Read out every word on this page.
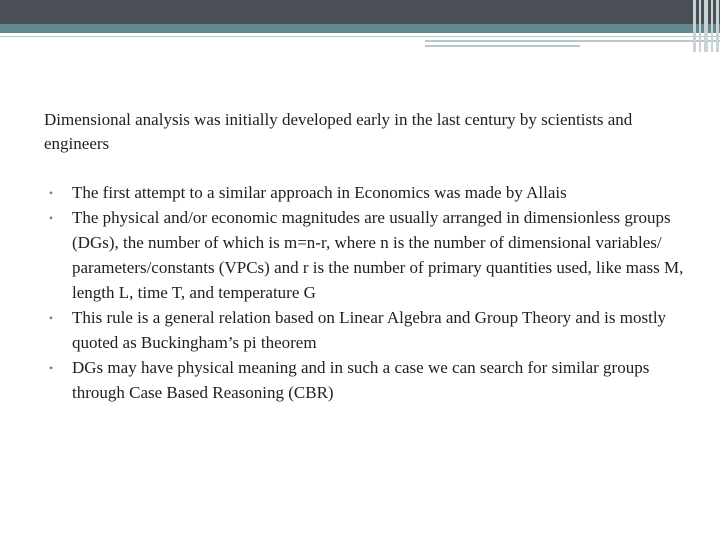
Dimensional analysis was initially developed early in the last century by scientists and engineers

• The first attempt to a similar approach in Economics was made by Allais
• The physical and/or economic magnitudes are usually arranged in dimensionless groups (DGs), the number of which is m=n-r, where n is the number of dimensional variables/ parameters/constants (VPCs) and r is the number of primary quantities used, like mass M, length L, time T, and temperature G
• This rule is a general relation based on Linear Algebra and Group Theory and is mostly quoted as Buckingham’s pi theorem
• DGs may have physical meaning and in such a case we can search for similar groups through Case Based Reasoning (CBR)
